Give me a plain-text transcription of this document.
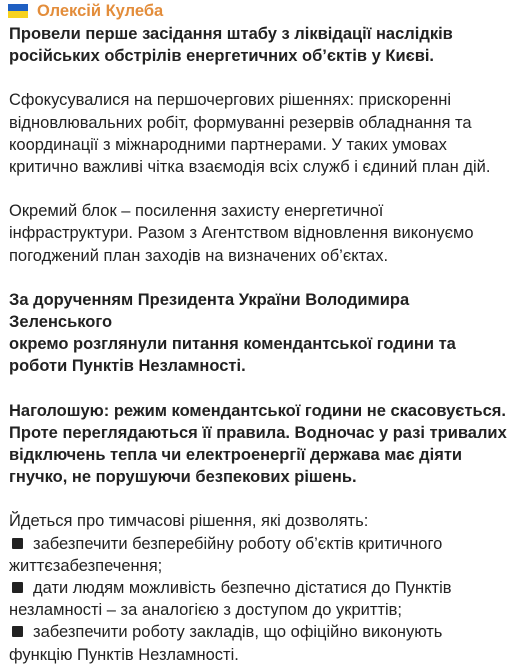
Олексій Кулеба

Провели перше засідання штабу з ліквідації наслідків
російських обстрілів енергетичних об’єктів у Києві.

Сфокусувалися на першочергових рішеннях: прискоренні
відновлювальних робіт, формуванні резервів обладнання та
координації з міжнародними партнерами. У таких умовах
критично важливі чітка взаємодія всіх служб і єдиний план дій.

Окремий блок – посилення захисту енергетичної
інфраструктури. Разом з Агентством відновлення виконуємо
погоджений план заходів на визначених об’єктах.

За дорученням Президента України Володимира Зеленського
окремо розглянули питання комендантської години та
роботи Пунктів Незламності.

Наголошую: режим комендантської години не скасовується.
Проте переглядаються її правила. Водночас у разі тривалих
відключень тепла чи електроенергії держава має діяти
гнучко, не порушуючи безпекових рішень.

Йдеться про тимчасові рішення, які дозволять:
забезпечити безперебійну роботу об’єктів критичного
життєзабезпечення;
дати людям можливість безпечно дістатися до Пунктів
незламності – за аналогією з доступом до укриттів;
забезпечити роботу закладів, що офіційно виконують
функцію Пунктів Незламності.
